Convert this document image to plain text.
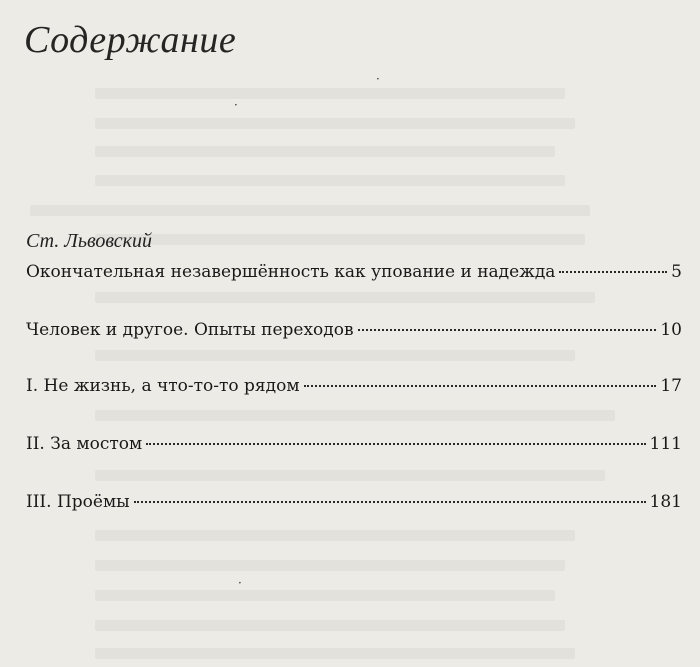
Содержание
Ст. Львовский
Окончательная незавершённость как упование и надежда	5
Человек и другое. Опыты переходов	10
I. Не жизнь, а что-то-то рядом	17
II. За мостом	111
III. Проёмы	181
·
·
·
